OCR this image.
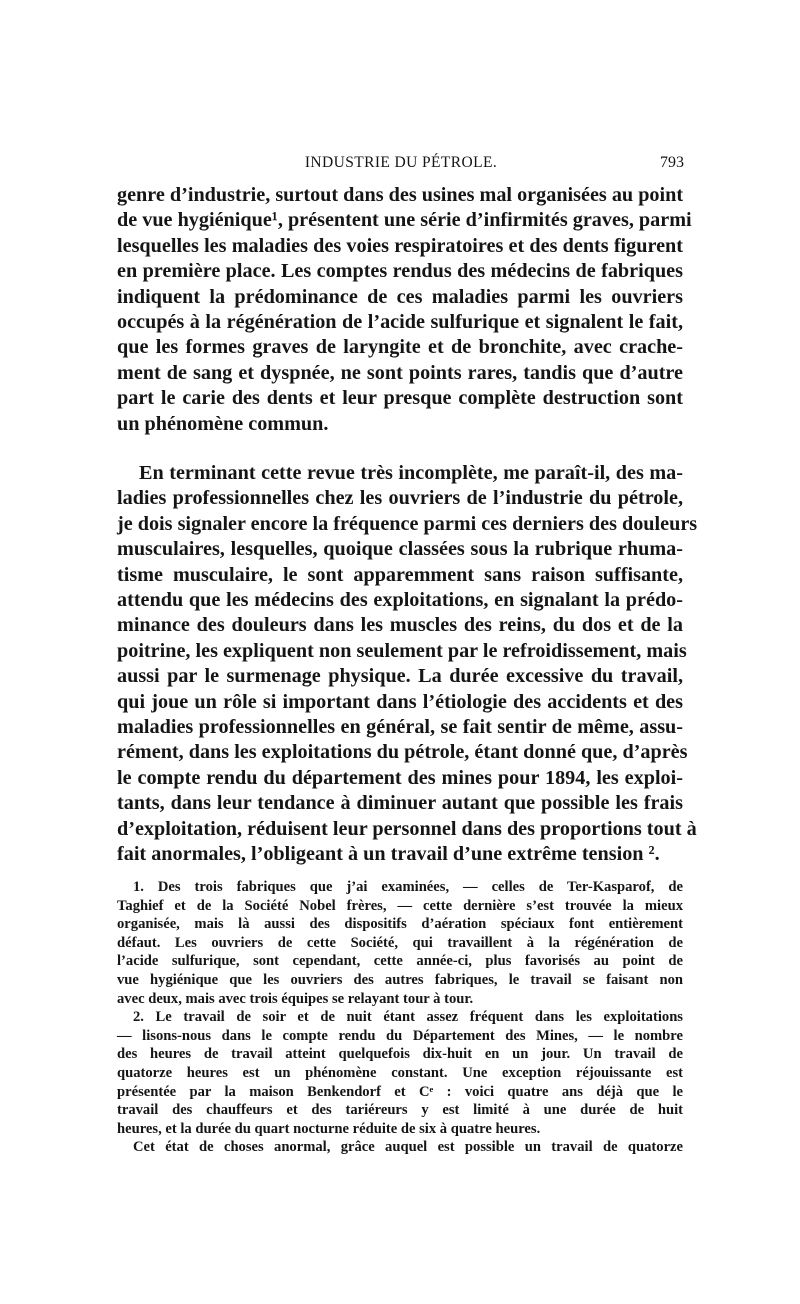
INDUSTRIE DU PÉTROLE.	793

genre d’industrie, surtout dans des usines mal organisées au point
de vue hygiénique¹, présentent une série d’infirmités graves, parmi
lesquelles les maladies des voies respiratoires et des dents figurent
en première place. Les comptes rendus des médecins de fabriques
indiquent la prédominance de ces maladies parmi les ouvriers
occupés à la régénération de l’acide sulfurique et signalent le fait,
que les formes graves de laryngite et de bronchite, avec crache-
ment de sang et dyspnée, ne sont points rares, tandis que d’autre
part le carie des dents et leur presque complète destruction sont
un phénomène commun.

En terminant cette revue très incomplète, me paraît-il, des ma-
ladies professionnelles chez les ouvriers de l’industrie du pétrole,
je dois signaler encore la fréquence parmi ces derniers des douleurs
musculaires, lesquelles, quoique classées sous la rubrique rhuma-
tisme musculaire, le sont apparemment sans raison suffisante,
attendu que les médecins des exploitations, en signalant la prédo-
minance des douleurs dans les muscles des reins, du dos et de la
poitrine, les expliquent non seulement par le refroidissement, mais
aussi par le surmenage physique. La durée excessive du travail,
qui joue un rôle si important dans l’étiologie des accidents et des
maladies professionnelles en général, se fait sentir de même, assu-
rément, dans les exploitations du pétrole, étant donné que, d’après
le compte rendu du département des mines pour 1894, les exploi-
tants, dans leur tendance à diminuer autant que possible les frais
d’exploitation, réduisent leur personnel dans des proportions tout à
fait anormales, l’obligeant à un travail d’une extrême tension ².

1. Des trois fabriques que j’ai examinées, — celles de Ter-Kasparof, de
Taghief et de la Société Nobel frères, — cette dernière s’est trouvée la mieux
organisée, mais là aussi des dispositifs d’aération spéciaux font entièrement
défaut. Les ouvriers de cette Société, qui travaillent à la régénération de
l’acide sulfurique, sont cependant, cette année-ci, plus favorisés au point de
vue hygiénique que les ouvriers des autres fabriques, le travail se faisant non
avec deux, mais avec trois équipes se relayant tour à tour.
2. Le travail de soir et de nuit étant assez fréquent dans les exploitations
— lisons-nous dans le compte rendu du Département des Mines, — le nombre
des heures de travail atteint quelquefois dix-huit en un jour. Un travail de
quatorze heures est un phénomène constant. Une exception réjouissante est
présentée par la maison Benkendorf et Cᵉ : voici quatre ans déjà que le
travail des chauffeurs et des tariéreurs y est limité à une durée de huit
heures, et la durée du quart nocturne réduite de six à quatre heures.
Cet état de choses anormal, grâce auquel est possible un travail de quatorze
